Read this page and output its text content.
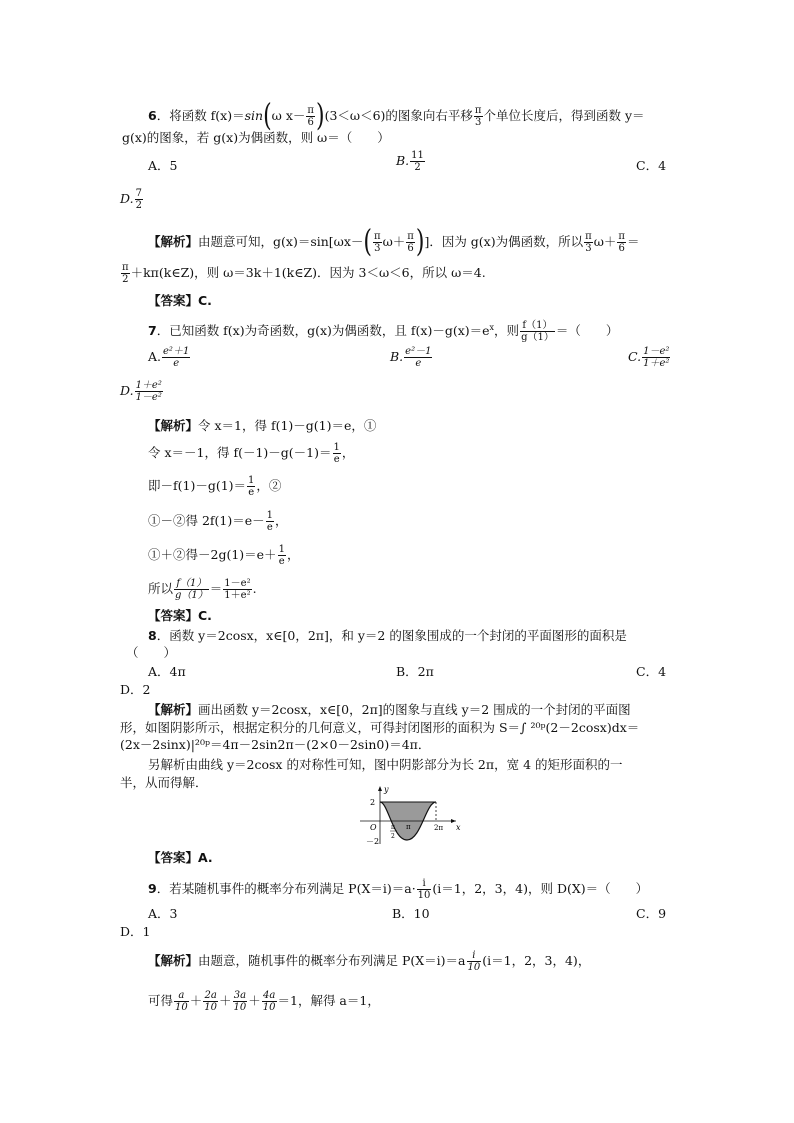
6．将函数 f(x)＝sin(ω $x- \frac{\pi}{6} )(3<\omega<6)$的图象向右平移 $\frac{\pi}{3}$ 个单位长度后，得到函数 y＝
g(x)的图象，若 g(x)为偶函数，则 ω＝（　　）
A．5	B. $\frac{11}{2}$	C．4
D. $\frac{7}{2}$
【解析】由题意可知，$g(x)=\sin[\omega x-( \frac{\pi}{3} \omega+ \frac{\pi}{6}$ )]．因为 g(x)为偶函数，所以 $\frac{\pi}{3} \omega+ \frac{\pi}{6}$ ＝
$\frac{\pi}{2}$ ＋kπ(k∈Z)，则 ω＝3k＋1(k∈Z)．因为 3＜ω＜6，所以 ω＝4.
【答案】C.
7．已知函数 f(x)为奇函数，g(x)为偶函数，且 $f(x)-g(x)=e^x$，则 $\frac{f(1)}{g(1)}$ ＝（　　）
A. $\frac{\text{e²＋1}}{e}$	B. $\frac{\text{e²－1}}{e}$	C. $\frac{\text{1－e²}}{\text{1＋e²}}$
D. $\frac{\text{1＋e²}}{\text{1－e²}}$
【解析】令 x＝1，得 f(1)－g(1)＝e，①
令 x＝－1，得 $f(-1)-g(-1)= \frac{1}{e}$ ，
即$-f(1)-g(1)= \frac{1}{e}$ ，②
①－②得 $2f(1)=e- \frac{1}{e}$ ，
①＋②得$-2g(1)=e+ \frac{1}{e}$ ，
所以 $\frac{f(1)}{g(1)} = \frac{\text{1－e²}}{\text{1＋e²}}$ .
【答案】C.
8．函数 y＝2cosx，x∈[0，2π]，和 y＝2 的图象围成的一个封闭的平面图形的面积是
（　　）
A．4π	B．2π	C．4
D．2
【解析】画出函数 y＝2cosx，x∈[0，2π]的图象与直线 y＝2 围成的一个封闭的平面图
形，如图阴影所示，根据定积分的几何意义，可得封闭图形的面积为 S＝∫ ²⁰ᵖ(2－2cosx)dx＝
(2x－2sinx)|²⁰ᵖ＝4π－2sin2π－(2×0－2sin0)＝4π．
另解析由曲线 y＝2cosx 的对称性可知，图中阴影部分为长 2π，宽 4 的矩形面积的一
半，从而得解．	y
x
2
－2
O π
2
π	2π
【答案】A.
9．若某随机事件的概率分布列满足 $P(X=i)=a\cdot \frac{i}{10} (i=1$，2，3，4)，则 D(X)＝（　　）
A．3	B．10	C．9
D．1
【解析】由题意，随机事件的概率分布列满足 $P(X=i)=a \frac{i}{10} (i=1$，2，3，4)，
可得 $\frac{a}{10} + \frac{2a}{10} + \frac{3a}{10} + \frac{4a}{10} =1$，解得 a＝1，
